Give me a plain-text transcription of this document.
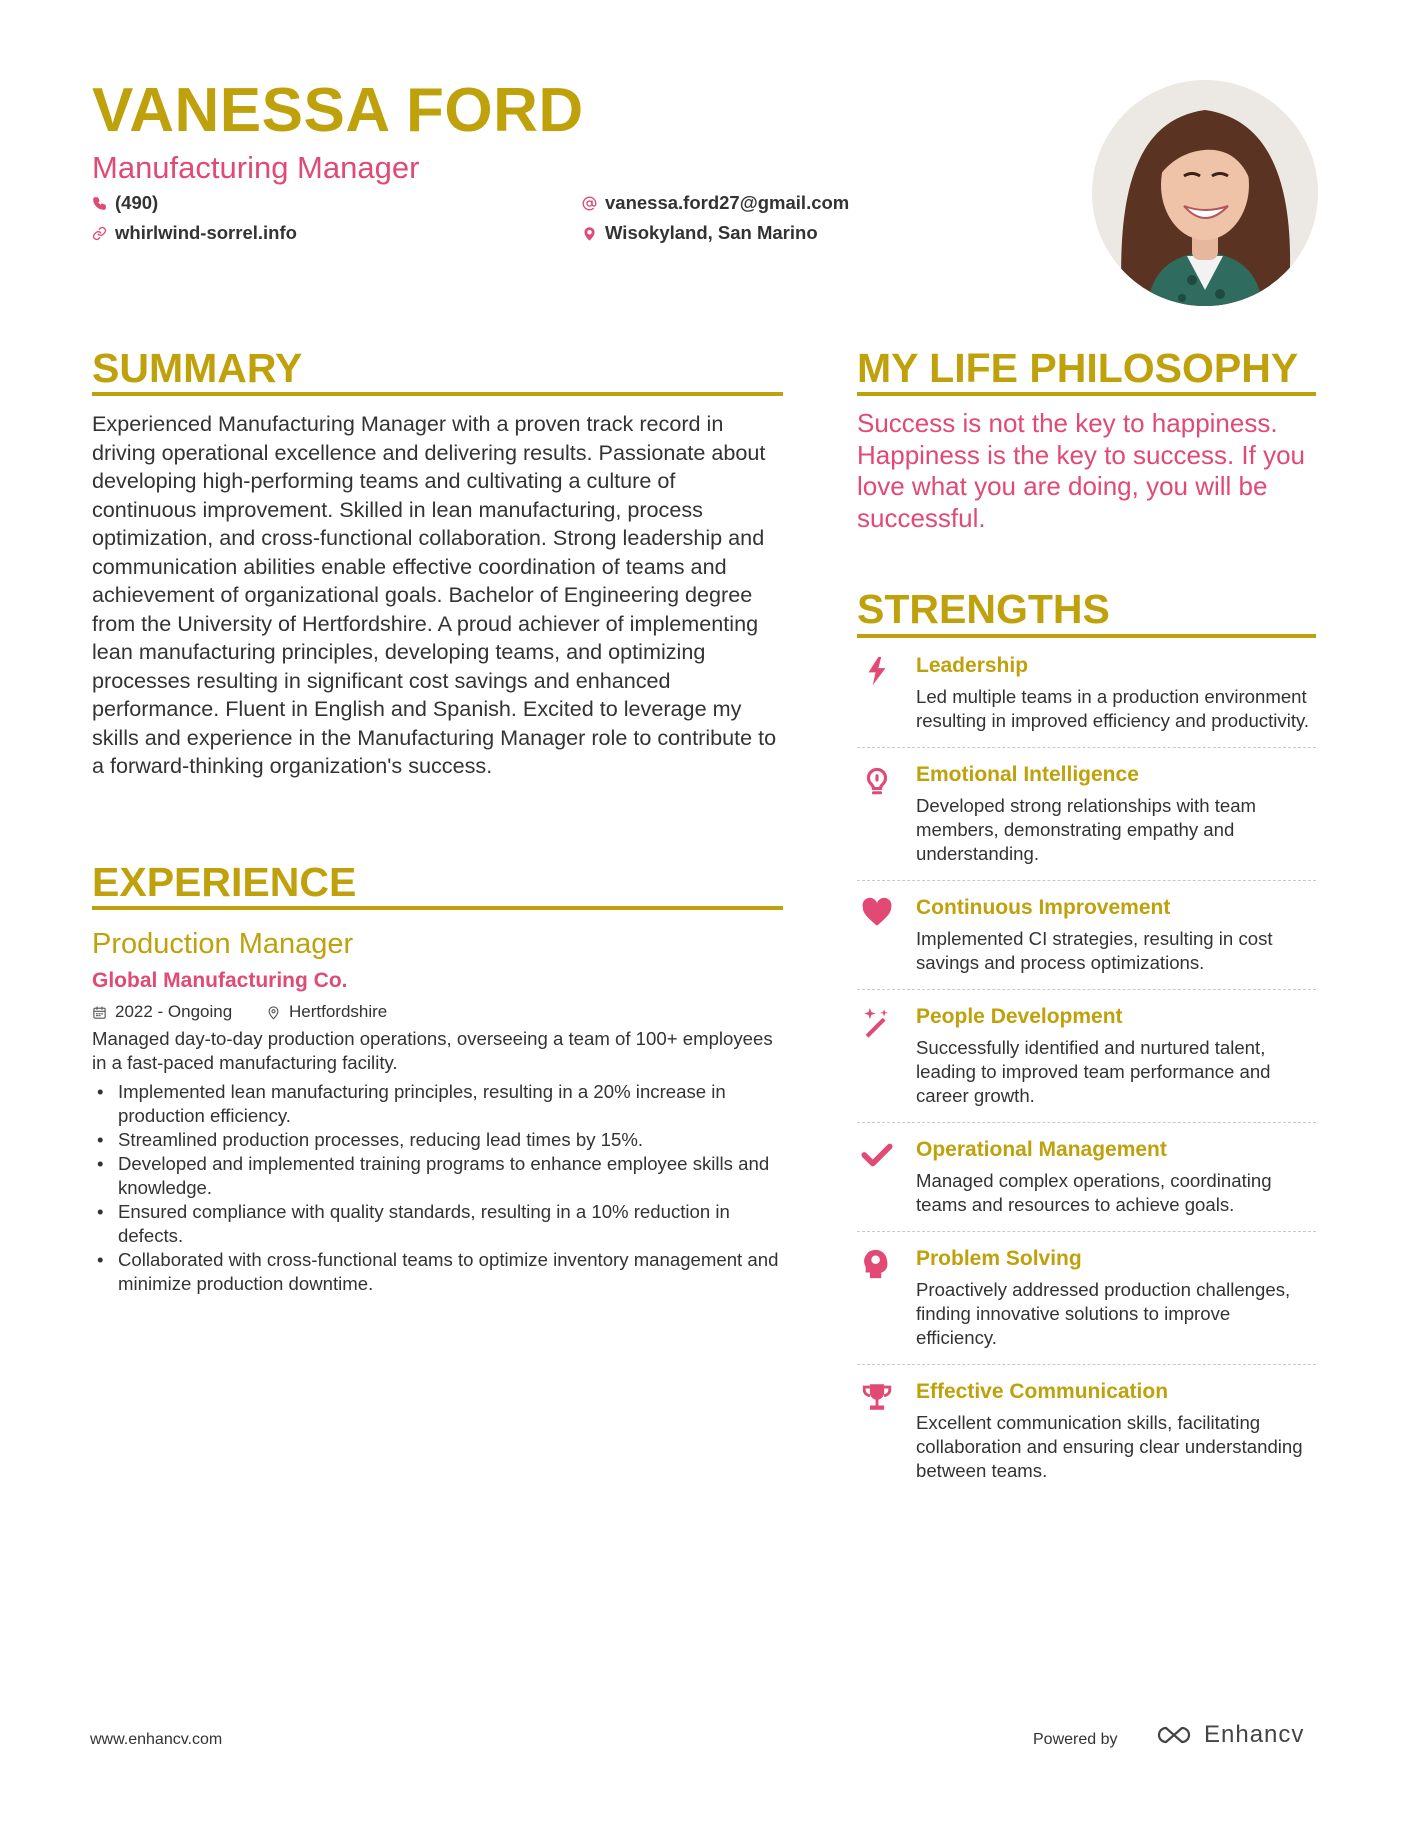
VANESSA FORD
Manufacturing Manager
(490)
whirlwind-sorrel.info
vanessa.ford27@gmail.com
Wisokyland, San Marino
SUMMARY
Experienced Manufacturing Manager with a proven track record in driving operational excellence and delivering results. Passionate about developing high-performing teams and cultivating a culture of continuous improvement. Skilled in lean manufacturing, process optimization, and cross-functional collaboration. Strong leadership and communication abilities enable effective coordination of teams and achievement of organizational goals. Bachelor of Engineering degree from the University of Hertfordshire. A proud achiever of implementing lean manufacturing principles, developing teams, and optimizing processes resulting in significant cost savings and enhanced performance. Fluent in English and Spanish. Excited to leverage my skills and experience in the Manufacturing Manager role to contribute to a forward-thinking organization's success.
EXPERIENCE
Production Manager
Global Manufacturing Co.
2022 - Ongoing	Hertfordshire
Managed day-to-day production operations, overseeing a team of 100+ employees in a fast-paced manufacturing facility.
• Implemented lean manufacturing principles, resulting in a 20% increase in production efficiency.
• Streamlined production processes, reducing lead times by 15%.
• Developed and implemented training programs to enhance employee skills and knowledge.
• Ensured compliance with quality standards, resulting in a 10% reduction in defects.
• Collaborated with cross-functional teams to optimize inventory management and minimize production downtime.
MY LIFE PHILOSOPHY
Success is not the key to happiness. Happiness is the key to success. If you love what you are doing, you will be successful.
STRENGTHS
Leadership
Led multiple teams in a production environment resulting in improved efficiency and productivity.
Emotional Intelligence
Developed strong relationships with team members, demonstrating empathy and understanding.
Continuous Improvement
Implemented CI strategies, resulting in cost savings and process optimizations.
People Development
Successfully identified and nurtured talent, leading to improved team performance and career growth.
Operational Management
Managed complex operations, coordinating teams and resources to achieve goals.
Problem Solving
Proactively addressed production challenges, finding innovative solutions to improve efficiency.
Effective Communication
Excellent communication skills, facilitating collaboration and ensuring clear understanding between teams.
www.enhancv.com	Powered by	Enhancv
